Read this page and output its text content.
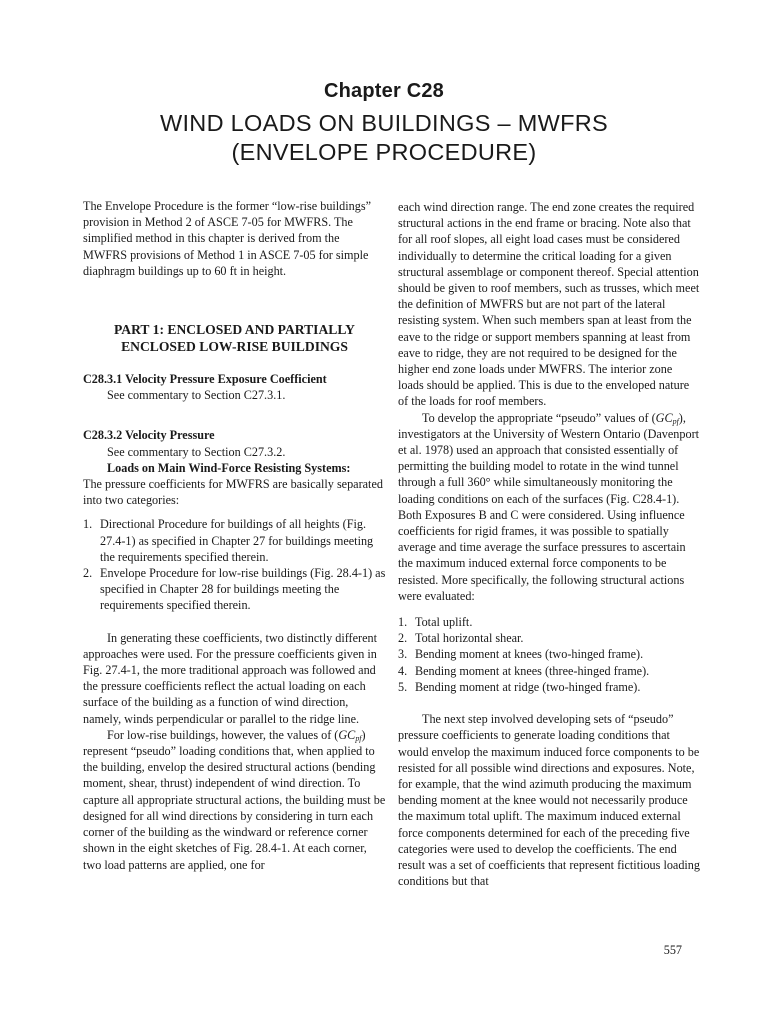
Chapter C28
WIND LOADS ON BUILDINGS – MWFRS
(ENVELOPE PROCEDURE)

The Envelope Procedure is the former “low-rise buildings” provision in Method 2 of ASCE 7-05 for MWFRS. The simplified method in this chapter is derived from the MWFRS provisions of Method 1 in ASCE 7-05 for simple diaphragm buildings up to 60 ft in height.

PART 1: ENCLOSED AND PARTIALLY
ENCLOSED LOW-RISE BUILDINGS

C28.3.1 Velocity Pressure Exposure Coefficient

See commentary to Section C27.3.1.

C28.3.2 Velocity Pressure

See commentary to Section C27.3.2.

Loads on Main Wind-Force Resisting Systems:

The pressure coefficients for MWFRS are basically separated into two categories:

1. Directional Procedure for buildings of all heights (Fig. 27.4-1) as specified in Chapter 27 for buildings meeting the requirements specified therein.
2. Envelope Procedure for low-rise buildings (Fig. 28.4-1) as specified in Chapter 28 for buildings meeting the requirements specified therein.

In generating these coefficients, two distinctly different approaches were used. For the pressure coefficients given in Fig. 27.4-1, the more traditional approach was followed and the pressure coefficients reflect the actual loading on each surface of the building as a function of wind direction, namely, winds perpendicular or parallel to the ridge line.

For low-rise buildings, however, the values of $(GC_{pf})$ represent “pseudo” loading conditions that, when applied to the building, envelop the desired structural actions (bending moment, shear, thrust) independent of wind direction. To capture all appropriate structural actions, the building must be designed for all wind directions by considering in turn each corner of the building as the windward or reference corner shown in the eight sketches of Fig. 28.4-1. At each corner, two load patterns are applied, one for

each wind direction range. The end zone creates the required structural actions in the end frame or bracing. Note also that for all roof slopes, all eight load cases must be considered individually to determine the critical loading for a given structural assemblage or component thereof. Special attention should be given to roof members, such as trusses, which meet the definition of MWFRS but are not part of the lateral resisting system. When such members span at least from the eave to the ridge or support members spanning at least from eave to ridge, they are not required to be designed for the higher end zone loads under MWFRS. The interior zone loads should be applied. This is due to the enveloped nature of the loads for roof members.

To develop the appropriate “pseudo” values of $(GC_{pf})$, investigators at the University of Western Ontario (Davenport et al. 1978) used an approach that consisted essentially of permitting the building model to rotate in the wind tunnel through a full 360° while simultaneously monitoring the loading conditions on each of the surfaces (Fig. C28.4-1). Both Exposures B and C were considered. Using influence coefficients for rigid frames, it was possible to spatially average and time average the surface pressures to ascertain the maximum induced external force components to be resisted. More specifically, the following structural actions were evaluated:

1. Total uplift.
2. Total horizontal shear.
3. Bending moment at knees (two-hinged frame).
4. Bending moment at knees (three-hinged frame).
5. Bending moment at ridge (two-hinged frame).

The next step involved developing sets of “pseudo” pressure coefficients to generate loading conditions that would envelop the maximum induced force components to be resisted for all possible wind directions and exposures. Note, for example, that the wind azimuth producing the maximum bending moment at the knee would not necessarily produce the maximum total uplift. The maximum induced external force components determined for each of the preceding five categories were used to develop the coefficients. The end result was a set of coefficients that represent fictitious loading conditions but that

557
